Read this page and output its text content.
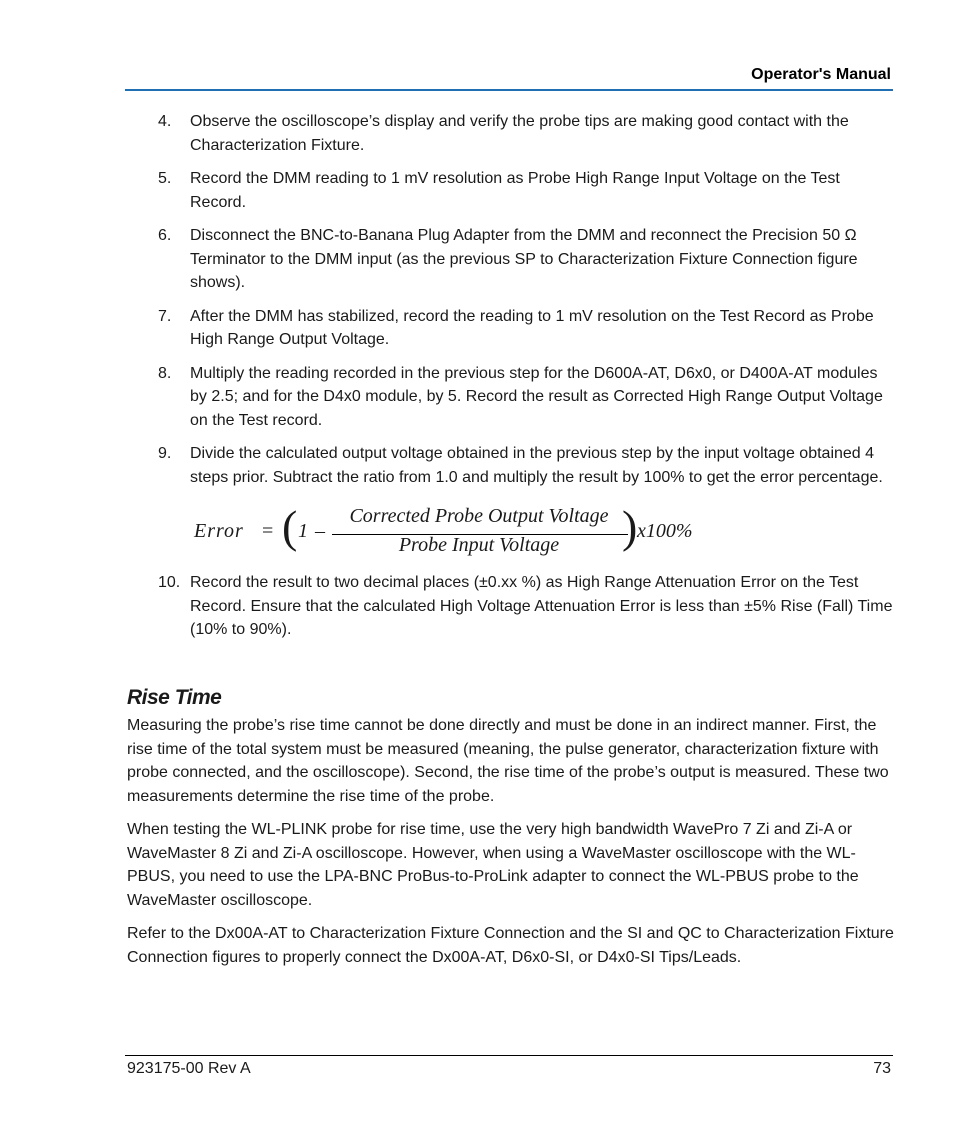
Operator's Manual
4. Observe the oscilloscope’s display and verify the probe tips are making good contact with the Characterization Fixture.
5. Record the DMM reading to 1 mV resolution as Probe High Range Input Voltage on the Test Record.
6. Disconnect the BNC-to-Banana Plug Adapter from the DMM and reconnect the Precision 50 Ω Terminator to the DMM input (as the previous SP to Characterization Fixture Connection figure shows).
7. After the DMM has stabilized, record the reading to 1 mV resolution on the Test Record as Probe High Range Output Voltage.
8. Multiply the reading recorded in the previous step for the D600A-AT, D6x0, or D400A-AT modules by 2.5; and for the D4x0 module, by 5. Record the result as Corrected High Range Output Voltage on the Test record.
9. Divide the calculated output voltage obtained in the previous step by the input voltage obtained 4 steps prior. Subtract the ratio from 1.0 and multiply the result by 100% to get the error percentage.
Error = ( 1 –
Corrected Probe Output Voltage
Probe Input Voltage	) x100%
10. Record the result to two decimal places (±0.xx %) as High Range Attenuation Error on the Test Record. Ensure that the calculated High Voltage Attenuation Error is less than ±5% Rise (Fall) Time (10% to 90%).
Rise Time

Measuring the probe’s rise time cannot be done directly and must be done in an indirect manner. First, the rise time of the total system must be measured (meaning, the pulse generator, characterization fixture with probe connected, and the oscilloscope). Second, the rise time of the probe’s output is measured. These two measurements determine the rise time of the probe.

When testing the WL-PLINK probe for rise time, use the very high bandwidth WavePro 7 Zi and Zi-A or WaveMaster 8 Zi and Zi-A oscilloscope. However, when using a WaveMaster oscilloscope with the WL-PBUS, you need to use the LPA-BNC ProBus-to-ProLink adapter to connect the WL-PBUS probe to the WaveMaster oscilloscope.

Refer to the Dx00A-AT to Characterization Fixture Connection and the SI and QC to Characterization Fixture Connection figures to properly connect the Dx00A-AT, D6x0-SI, or D4x0-SI Tips/Leads.

923175-00 Rev A	73
